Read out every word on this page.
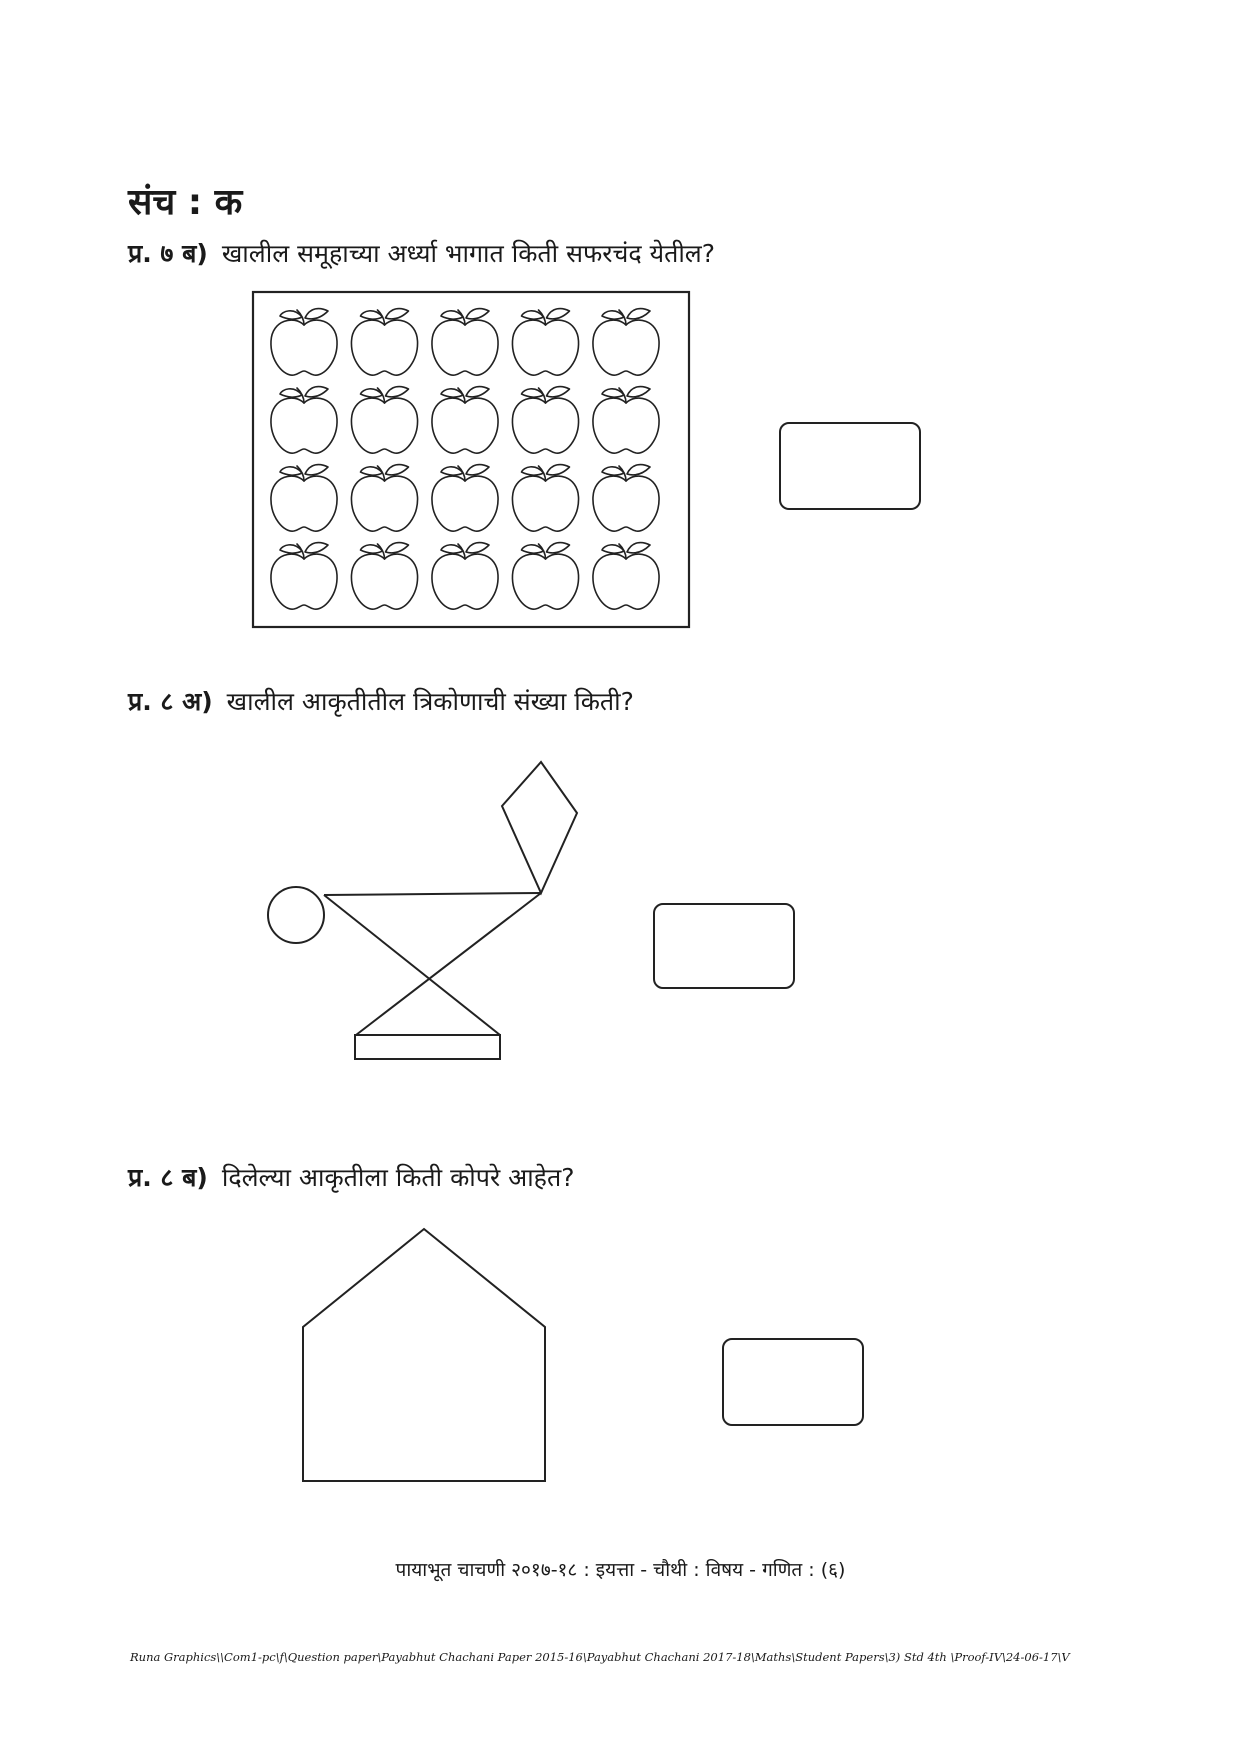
संच : क
प्र. ७ ब) खालील समूहाच्या अर्ध्या भागात किती सफरचंद येतील?
प्र. ८ अ) खालील आकृतीतील त्रिकोणाची संख्या किती?
प्र. ८ ब) दिलेल्या आकृतीला किती कोपरे आहेत?
पायाभूत चाचणी २०१७-१८ : इयत्ता - चौथी : विषय - गणित : (६)
Runa Graphics\\Com1-pc\f\Question paper\Payabhut Chachani Paper 2015-16\Payabhut Chachani 2017-18\Maths\Student Papers\3) Std 4th \Proof-IV\24-06-17\V
